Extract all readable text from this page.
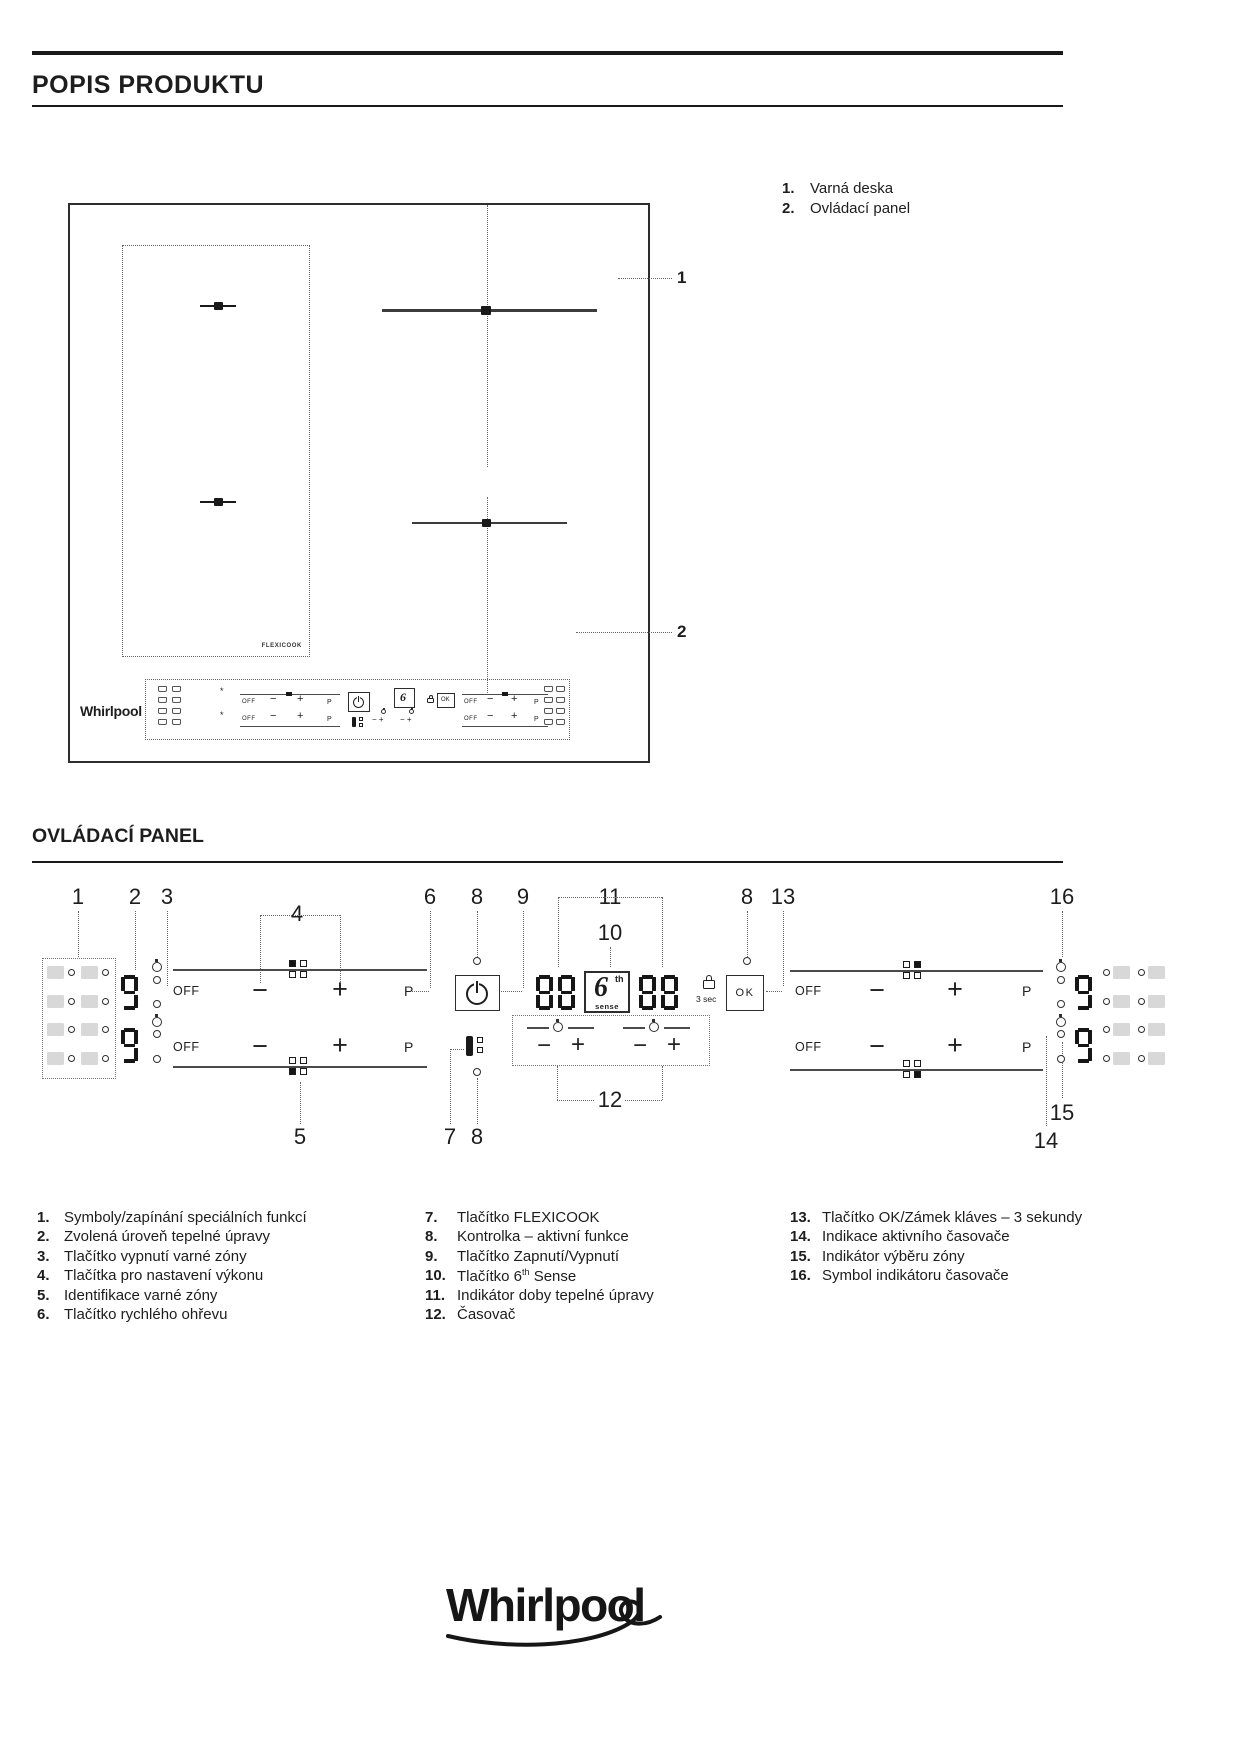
POPIS PRODUKTU
FLEXICOOK
Whirlpool
*
*
OFF − +	P
OFF − +	P	− + − +
6	OK OFF − + P
OFF − + P
1
2
1. Varná deska
2. Ovládací panel
OVLÁDACÍ PANEL
1 2 3
4
6 8 9	11
10
8 13	16
5	7 8
12
15
14
OFF − +	P
OFF − +	P
6 th
sense
3 sec	OK
− + − +
OFF − +	P
OFF − +	P
1. Symboly/zapínání speciálních funkcí
2. Zvolená úroveň tepelné úpravy
3. Tlačítko vypnutí varné zóny
4. Tlačítka pro nastavení výkonu
5. Identifikace varné zóny
6. Tlačítko rychlého ohřevu
7. Tlačítko FLEXICOOK
8. Kontrolka – aktivní funkce
9. Tlačítko Zapnutí/Vypnutí
10. Tlačítko 6th Sense
11. Indikátor doby tepelné úpravy
12. Časovač
13. Tlačítko OK/Zámek kláves – 3 sekundy
14. Indikace aktivního časovače
15. Indikátor výběru zóny
16. Symbol indikátoru časovače
Whirlpool
